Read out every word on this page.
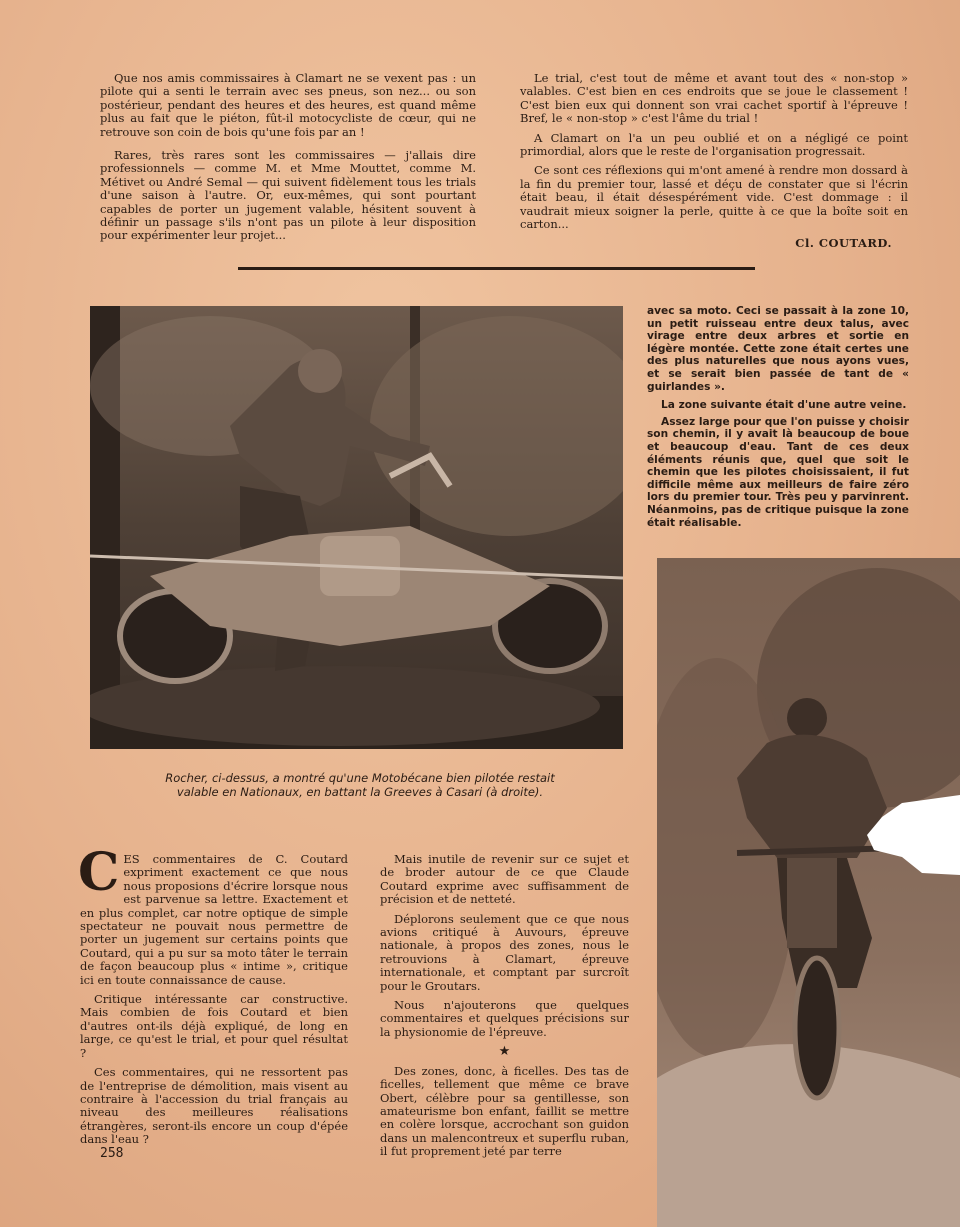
Que nos amis commissaires à Clamart ne se vexent pas : un pilote qui a senti le terrain avec ses pneus, son nez... ou son postérieur, pendant des heures et des heures, est quand même plus au fait que le piéton, fût-il motocycliste de cœur, qui ne retrouve son coin de bois qu'une fois par an !

Rares, très rares sont les commissaires — j'allais dire professionnels — comme M. et Mme Mouttet, comme M. Métivet ou André Semal — qui suivent fidèlement tous les trials d'une saison à l'autre. Or, eux-mêmes, qui sont pourtant capables de porter un jugement valable, hésitent souvent à définir un passage s'ils n'ont pas un pilote à leur disposition pour expérimenter leur projet...

Le trial, c'est tout de même et avant tout des « non-stop » valables. C'est bien en ces endroits que se joue le classement ! C'est bien eux qui donnent son vrai cachet sportif à l'épreuve ! Bref, le « non-stop » c'est l'âme du trial !

A Clamart on l'a un peu oublié et on a négligé ce point primordial, alors que le reste de l'organisation progressait.

Ce sont ces réflexions qui m'ont amené à rendre mon dossard à la fin du premier tour, lassé et déçu de constater que si l'écrin était beau, il était désespérément vide. C'est dommage : il vaudrait mieux soigner la perle, quitte à ce que la boîte soit en carton...

Cl. COUTARD.
Rocher, ci-dessus, a montré qu'une Motobécane bien pilotée restait valable en Nationaux, en battant la Greeves à Casari (à droite).

avec sa moto. Ceci se passait à la zone 10, un petit ruisseau entre deux talus, avec virage entre deux arbres et sortie en légère montée. Cette zone était certes une des plus naturelles que nous ayons vues, et se serait bien passée de tant de « guirlandes ».

La zone suivante était d'une autre veine.

Assez large pour que l'on puisse y choisir son chemin, il y avait là beaucoup de boue et beaucoup d'eau. Tant de ces deux éléments réunis que, quel que soit le chemin que les pilotes choisissaient, il fut difficile même aux meilleurs de faire zéro lors du premier tour. Très peu y parvinrent. Néanmoins, pas de critique puisque la zone était réalisable.

CES commentaires de C. Coutard expriment exactement ce que nous nous proposions d'écrire lorsque nous est parvenue sa lettre. Exactement et en plus complet, car notre optique de simple spectateur ne pouvait nous permettre de porter un jugement sur certains points que Coutard, qui a pu sur sa moto tâter le terrain de façon beaucoup plus « intime », critique ici en toute connaissance de cause.

Critique intéressante car constructive. Mais combien de fois Coutard et bien d'autres ont-ils déjà expliqué, de long en large, ce qu'est le trial, et pour quel résultat ?

Ces commentaires, qui ne ressortent pas de l'entreprise de démolition, mais visent au contraire à l'accession du trial français au niveau des meilleures réalisations étrangères, seront-ils encore un coup d'épée dans l'eau ?

Mais inutile de revenir sur ce sujet et de broder autour de ce que Claude Coutard exprime avec suffisamment de précision et de netteté.

Déplorons seulement que ce que nous avions critiqué à Auvours, épreuve nationale, à propos des zones, nous le retrouvions à Clamart, épreuve internationale, et comptant par surcroît pour le Groutars.

Nous n'ajouterons que quelques commentaires et quelques précisions sur la physionomie de l'épreuve.

★

Des zones, donc, à ficelles. Des tas de ficelles, tellement que même ce brave Obert, célèbre pour sa gentillesse, son amateurisme bon enfant, faillit se mettre en colère lorsque, accrochant son guidon dans un malencontreux et superflu ruban, il fut proprement jeté par terre

258
